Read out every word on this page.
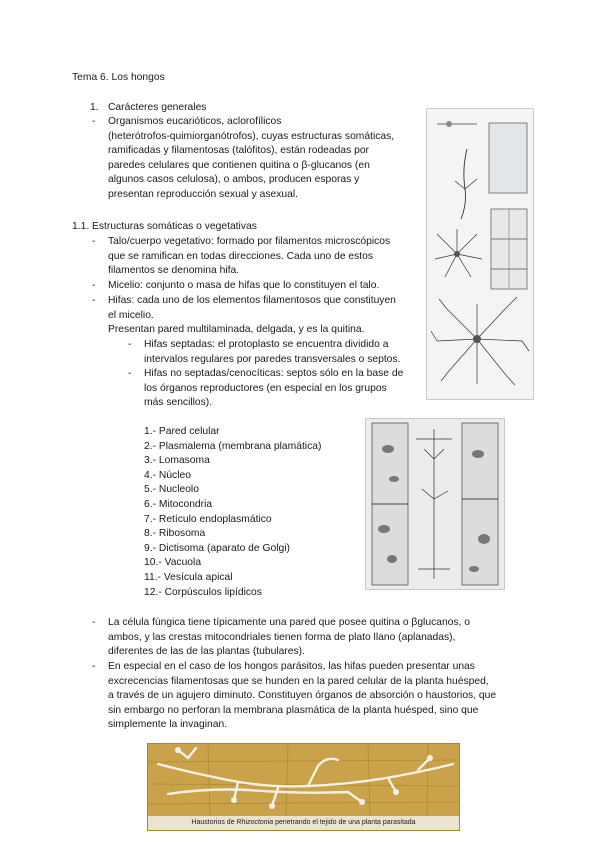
Tema 6. Los hongos
1. Carácteres generales
- Organismos eucarióticos, aclorofílicos
(heterótrofos-quimiorganótrofos), cuyas estructuras somáticas,
ramificadas y filamentosas (talófitos), están rodeadas por
paredes celulares que contienen quitina o β-glucanos (en
algunos casos celulosa), o ambos, producen esporas y
presentan reproducción sexual y asexual.
1.1. Estructuras somáticas o vegetativas
- Talo/cuerpo vegetativo: formado por filamentos microscópicos
que se ramifican en todas direcciones. Cada uno de estos
filamentos se denomina hifa.
- Micelio: conjunto o masa de hifas que lo constituyen el talo.
- Hifas: cada uno de los elementos filamentosos que constituyen
el micelio.
Presentan pared multilaminada, delgada, y es la quitina.
- Hifas septadas: el protoplasto se encuentra dividido a
intervalos regulares por paredes transversales o septos.
- Hifas no septadas/cenocíticas: septos sólo en la base de
los órganos reproductores (en especial en los grupos
más sencillos).
1.- Pared celular
2.- Plasmalema (membrana plamática)
3.- Lomasoma
4.- Núcleo
5.- Nucleolo
6.- Mitocondria
7.- Retículo endoplasmático
8.- Ribosoma
9.- Dictisoma (aparato de Golgi)
10.- Vacuola
11.- Vesícula apical
12.- Corpúsculos lipídicos
- La célula fúngica tiene típicamente una pared que posee quitina o βglucanos, o
ambos, y las crestas mitocondriales tienen forma de plato llano (aplanadas),
diferentes de las de las plantas (tubulares).
- En especial en el caso de los hongos parásitos, las hifas pueden presentar unas
excrecencias filamentosas que se hunden en la pared celular de la planta huésped,
a través de un agujero diminuto. Constituyen órganos de absorción o haustorios, que
sin embargo no perforan la membrana plasmática de la planta huésped, sino que
simplemente la invaginan.
Haustorios de Rhizoctonia penetrando el tejido de una planta parasitada
